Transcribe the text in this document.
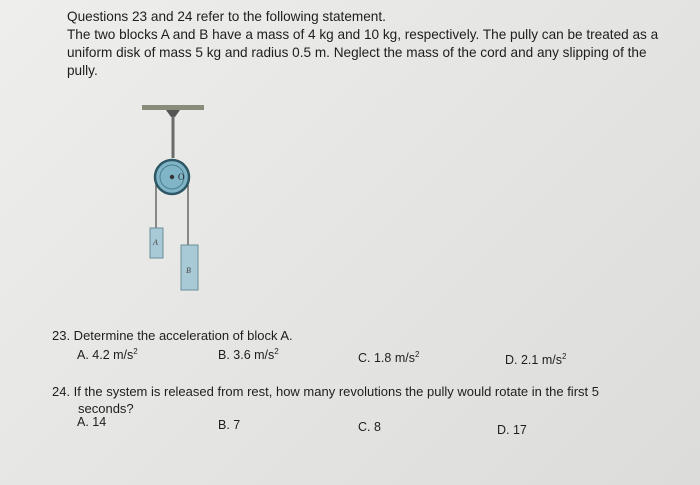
Questions 23 and 24 refer to the following statement.

The two blocks A and B have a mass of 4 kg and 10 kg, respectively. The pully can be treated as a

uniform disk of mass 5 kg and radius 0.5 m. Neglect the mass of the cord and any slipping of the

pully.

O
A
B
23. Determine the acceleration of block A.
A. 4.2 $m/s^2$	B. 3.6 $m/s^2$	C. 1.8 $m/s^2$	D. 2.1 $m/s^2$
24. If the system is released from rest, how many revolutions the pully would rotate in the first 5
seconds?
A. 14	B. 7	C. 8	D. 17
